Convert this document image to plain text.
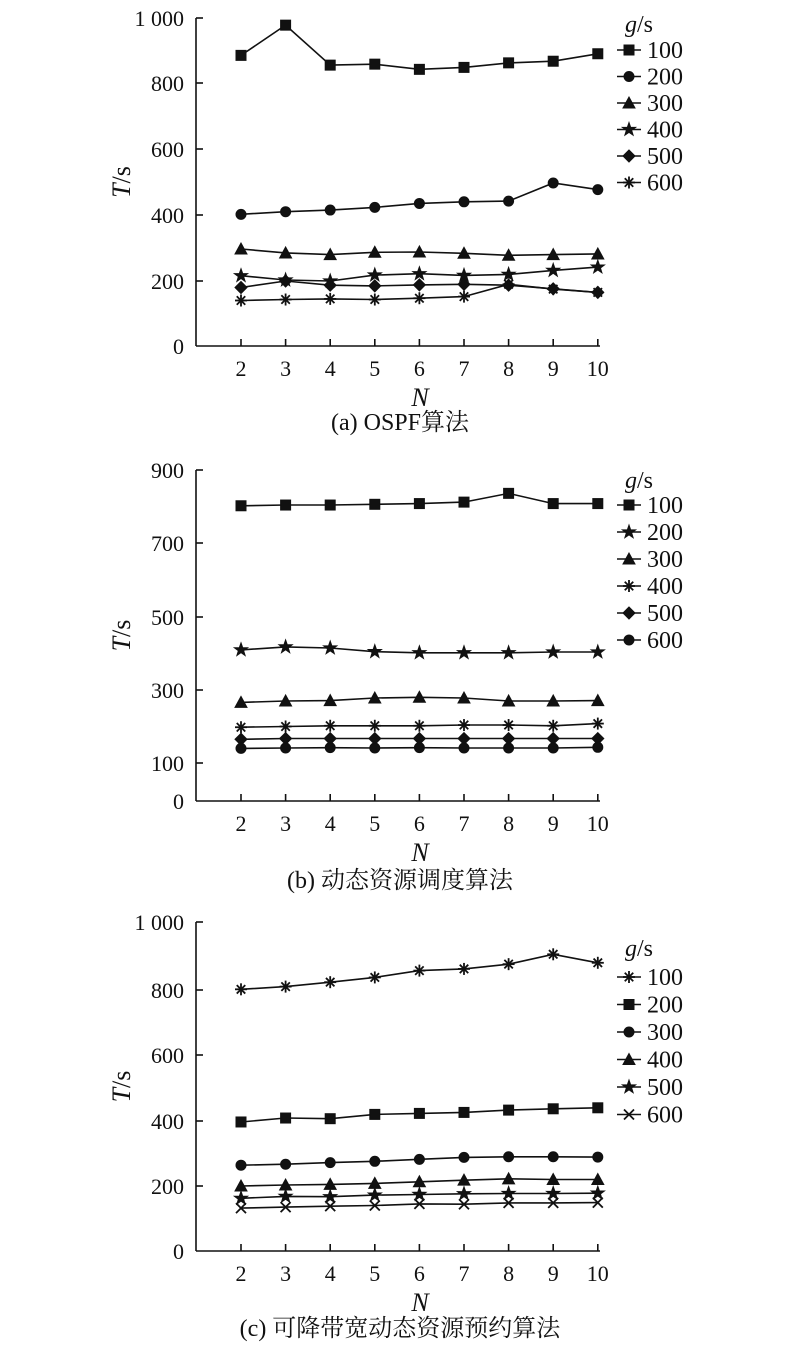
0
200
400
600
800
1 000
2 3 4 5 6 7 8 9 10
N
T/s
g/s
100
200
300
400
500
600
(a) OSPF算法
0
100
300
500
700
900
2 3 4 5 6 7 8 9 10
N
T/s
g/s
100
200
300
400
500
600
(b) 动态资源调度算法
0
200
400
600
800
1 000
2 3 4 5 6 7 8 9 10
N
T/s
g/s
100
200
300
400
500
600
(c) 可降带宽动态资源预约算法
